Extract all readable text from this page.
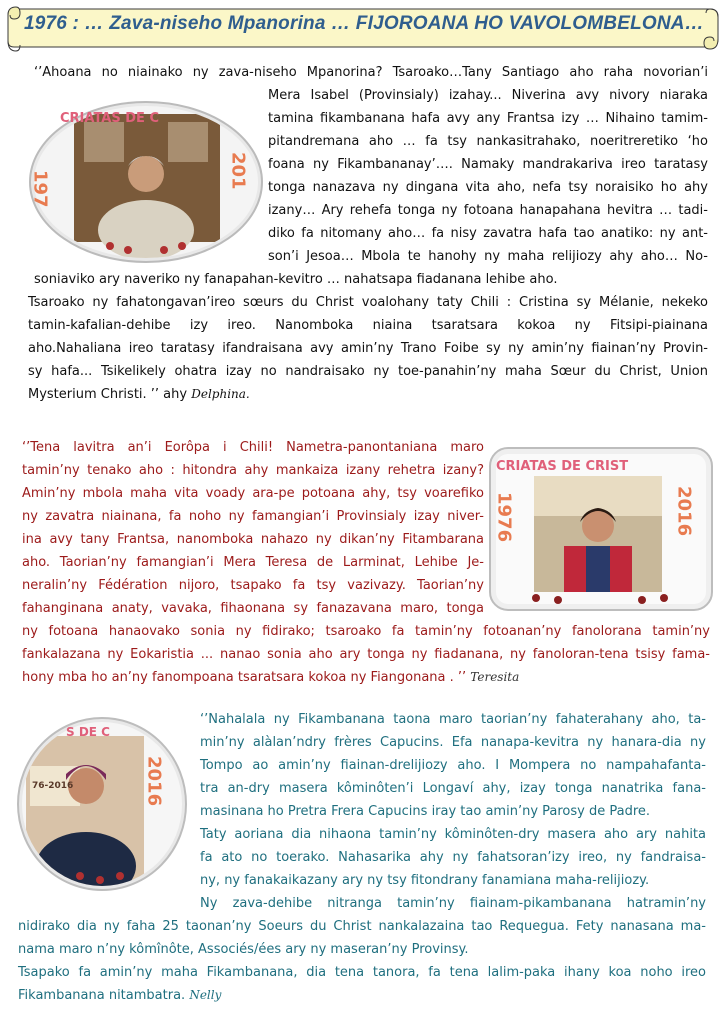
1976 : … Zava-niseho Mpanorina … FIJOROANA HO VAVOLOMBELONA…
CRIATAS DE C
197	201
‘’Ahoana no niainako ny zava-niseho Mpanorina? Tsaroako…Tany Santiago aho raha novorian’i
Mera Isabel (Provinsialy) izahay... Niverina avy nivory niaraka
tamina fikambanana hafa avy any Frantsa izy … Nihaino tamim-
pitandremana aho … fa tsy nankasitrahako, noeritreretiko ‘ho
foana ny Fikambananay’…. Namaky mandrakariva ireo taratasy
tonga nanazava ny dingana vita aho, nefa tsy noraisiko ho ahy
izany… Ary rehefa tonga ny fotoana hanapahana hevitra … tadi-
diko fa nitomany aho… fa nisy zavatra hafa tao anatiko: ny ant-
son’i Jesoa… Mbola te hanohy ny maha relijiozy ahy aho… No-
soniaviko ary naveriko ny fanapahan-kevitro … nahatsapa fiadanana lehibe aho.
Tsaroako ny fahatongavan’ireo sœurs du Christ voalohany taty Chili : Cristina sy Mélanie, nekeko
tamin-kafalian-dehibe izy ireo. Nanomboka niaina tsaratsara kokoa ny Fitsipi-piainana
aho.Nahaliana ireo taratasy ifandraisana avy amin’ny Trano Foibe sy ny amin’ny fiainan’ny Provin-
sy hafa... Tsikelikely ohatra izay no nandraisako ny toe-panahin’ny maha Sœur du Christ, Union
Mysterium Christi. ’’ ahy Delphina.
CRIATAS DE CRIST
1976	2016
‘’Tena lavitra an’i Eorôpa i Chili! Nametra-panontaniana maro
tamin’ny tenako aho : hitondra ahy mankaiza izany rehetra izany?
Amin’ny mbola maha vita voady ara-pe potoana ahy, tsy voarefiko
ny zavatra niainana, fa noho ny famangian’i Provinsialy izay niver-
ina avy tany Frantsa, nanomboka nahazo ny dikan’ny Fitambarana
aho. Taorian’ny famangian’i Mera Teresa de Larminat, Lehibe Je-
neralin’ny Fédération nijoro, tsapako fa tsy vazivazy. Taorian’ny
fahanginana anaty, vavaka, fihaonana sy fanazavana maro, tonga
ny fotoana hanaovako sonia ny fidirako; tsaroako fa tamin’ny fotoanan’ny fanolorana tamin’ny
fankalazana ny Eokaristia ... nanao sonia aho ary tonga ny fiadanana, ny fanoloran-tena tsisy fama-
hony mba ho an’ny fanompoana tsaratsara kokoa ny Fiangonana . ’’ Teresita
S DE C
76-2016	2016
‘’Nahalala ny Fikambanana taona maro taorian’ny fahaterahany aho, ta-
min’ny alàlan’ndry frères Capucins. Efa nanapa-kevitra ny hanara-dia ny
Tompo ao amin’ny fiainan-drelijiozy aho. I Mompera no nampahafanta-
tra an-dry masera kôminôten’i Longaví ahy, izay tonga nanatrika fana-
masinana ho Pretra Frera Capucins iray tao amin’ny Parosy de Padre.
Taty aoriana dia nihaona tamin’ny kôminôten-dry masera aho ary nahita
fa ato no toerako. Nahasarika ahy ny fahatsoran’izy ireo, ny fandraisa-
ny, ny fanakaikazany ary ny tsy fitondrany fanamiana maha-relijiozy.
Ny zava-dehibe nitranga tamin’ny fiainam-pikambanana hatramin’ny
nidirako dia ny faha 25 taonan’ny Soeurs du Christ nankalazaina tao Requegua. Fety nanasana ma-
nama maro n’ny kômînôte, Associés/ées ary ny maseran’ny Provinsy.
Tsapako fa amin’ny maha Fikambanana, dia tena tanora, fa tena lalim-paka ihany koa noho ireo
Fikambanana nitambatra. Nelly
